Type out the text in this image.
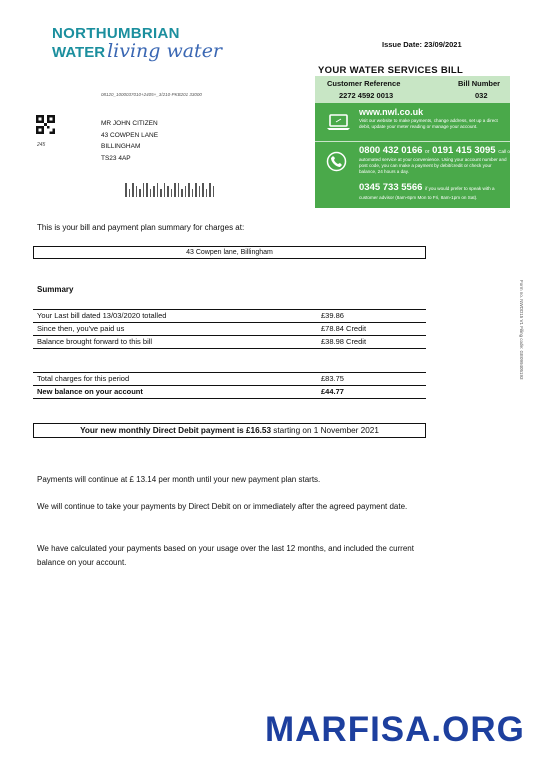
NORTHUMBRIAN
WATER living water	Issue Date: 23/09/2021
08120_1000037010+2405+_3/210-PKB201 33000
245
MR JOHN CITIZEN
43 COWPEN LANE
BILLINGHAM
TS23 4AP
YOUR WATER SERVICES BILL
Customer Reference	Bill Number
2272 4592 0013	032
www.nwl.co.uk
Visit our website to make payments, change address, set up a direct debit, update your meter reading or manage your account.
0800 432 0166 or 0191 415 3095 Call our
automated service at your convenience. Using your account number and post code, you can make a payment by debit/credit or check your balance, 24 hours a day.
0345 733 5566 if you would prefer to speak with a
customer advisor (8am-6pm Mon to Fri, 8am-1pm on Sat).
This is your bill and payment plan summary for charges at:
43 Cowpen lane, Billingham
Summary
Your Last bill dated 13/03/2020 totalled	£39.86
Since then, you've paid us	£78.84 Credit
Balance brought forward to this bill	£38.98 Credit
Total charges for this period	£83.75
New balance on your account	£44.77
Your new monthly Direct Debit payment is £16.53 starting on 1 November 2021
Payments will continue at £ 13.14 per month until your new payment plan starts.
We will continue to take your payments by Direct Debit on or immediately after the agreed payment date.
We have calculated your payments based on your usage over the last 12 months, and included the current balance on your account.
Form no. NWDD15 V1 Filing code: GE099405193
MARFISA.ORG
